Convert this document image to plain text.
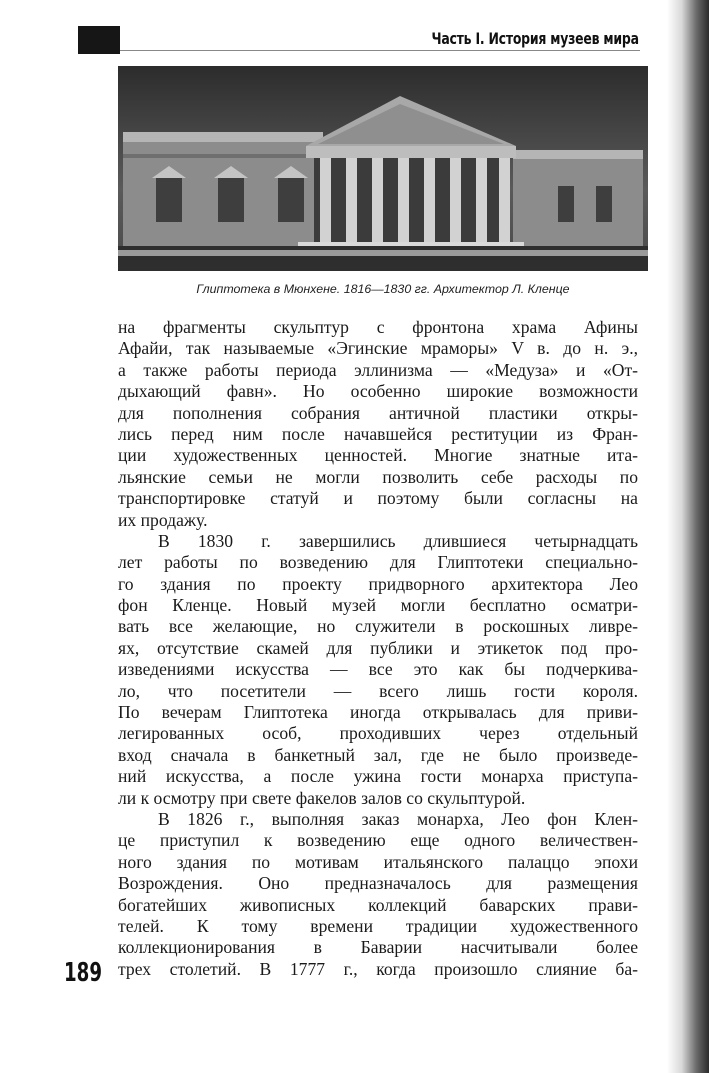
Часть I. История музеев мира
Глиптотека в Мюнхене. 1816—1830 гг. Архитектор Л. Кленце
на фрагменты скульптур с фронтона храма Афины
Афайи, так называемые «Эгинские мраморы» V в. до н. э.,
а также работы периода эллинизма — «Медуза» и «От-
дыхающий фавн». Но особенно широкие возможности
для пополнения собрания античной пластики откры-
лись перед ним после начавшейся реституции из Фран-
ции художественных ценностей. Многие знатные ита-
льянские семьи не могли позволить себе расходы по
транспортировке статуй и поэтому были согласны на
их продажу.
В 1830 г. завершились длившиеся четырнадцать
лет работы по возведению для Глиптотеки специально-
го здания по проекту придворного архитектора Лео
фон Кленце. Новый музей могли бесплатно осматри-
вать все желающие, но служители в роскошных ливре-
ях, отсутствие скамей для публики и этикеток под про-
изведениями искусства — все это как бы подчеркива-
ло, что посетители — всего лишь гости короля.
По вечерам Глиптотека иногда открывалась для приви-
легированных особ, проходивших через отдельный
вход сначала в банкетный зал, где не было произведе-
ний искусства, а после ужина гости монарха приступа-
ли к осмотру при свете факелов залов со скульптурой.
В 1826 г., выполняя заказ монарха, Лео фон Клен-
це приступил к возведению еще одного величествен-
ного здания по мотивам итальянского палаццо эпохи
Возрождения. Оно предназначалось для размещения
богатейших живописных коллекций баварских прави-
телей. К тому времени традиции художественного
коллекционирования в Баварии насчитывали более
трех столетий. В 1777 г., когда произошло слияние ба-
189
